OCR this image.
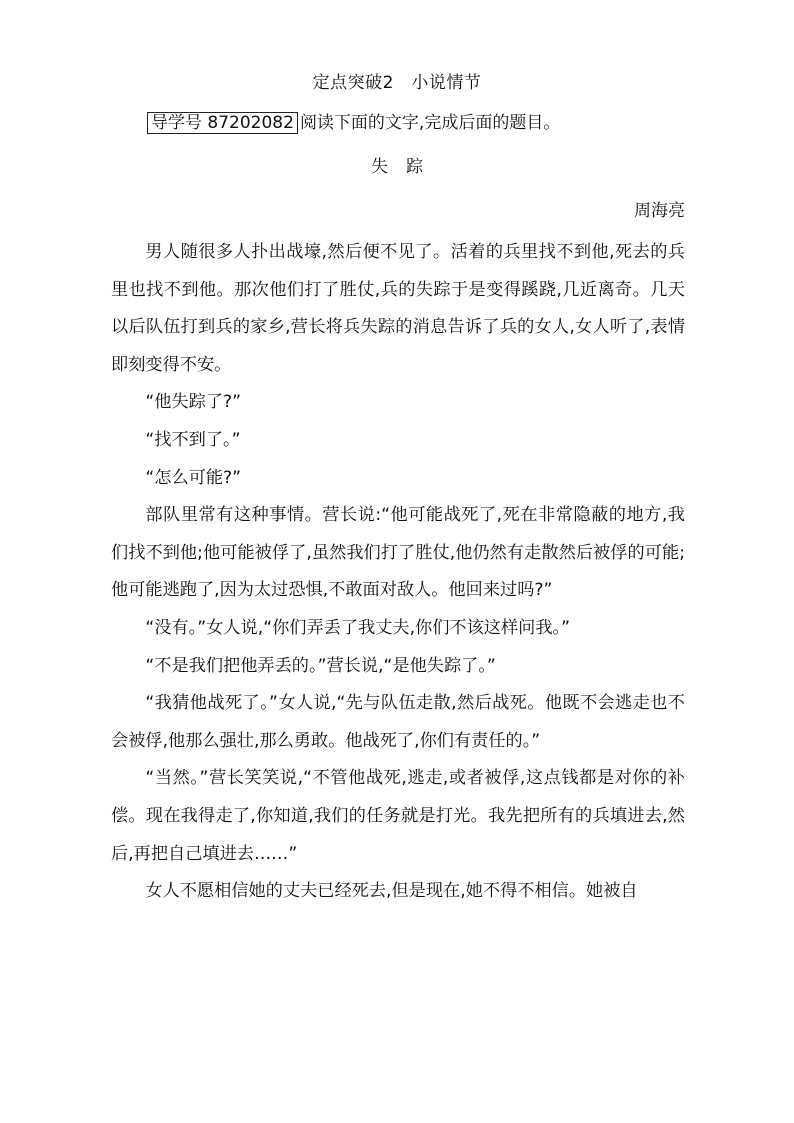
定点突破2　小说情节
导学号 87202082 阅读下面的文字,完成后面的题目。
失踪
周海亮

男人随很多人扑出战壕,然后便不见了。活着的兵里找不到他,死去的兵里也找不到他。那次他们打了胜仗,兵的失踪于是变得蹊跷,几近离奇。几天以后队伍打到兵的家乡,营长将兵失踪的消息告诉了兵的女人,女人听了,表情即刻变得不安。

“他失踪了?”

“找不到了。”

“怎么可能?”

部队里常有这种事情。营长说:“他可能战死了,死在非常隐蔽的地方,我们找不到他;他可能被俘了,虽然我们打了胜仗,他仍然有走散然后被俘的可能;他可能逃跑了,因为太过恐惧,不敢面对敌人。他回来过吗?”

“没有。”女人说,“你们弄丢了我丈夫,你们不该这样问我。”

“不是我们把他弄丢的。”营长说,“是他失踪了。”

“我猜他战死了。”女人说,“先与队伍走散,然后战死。他既不会逃走也不会被俘,他那么强壮,那么勇敢。他战死了,你们有责任的。”

“当然。”营长笑笑说,“不管他战死,逃走,或者被俘,这点钱都是对你的补偿。现在我得走了,你知道,我们的任务就是打光。我先把所有的兵填进去,然后,再把自己填进去……”

女人不愿相信她的丈夫已经死去,但是现在,她不得不相信。她被自
